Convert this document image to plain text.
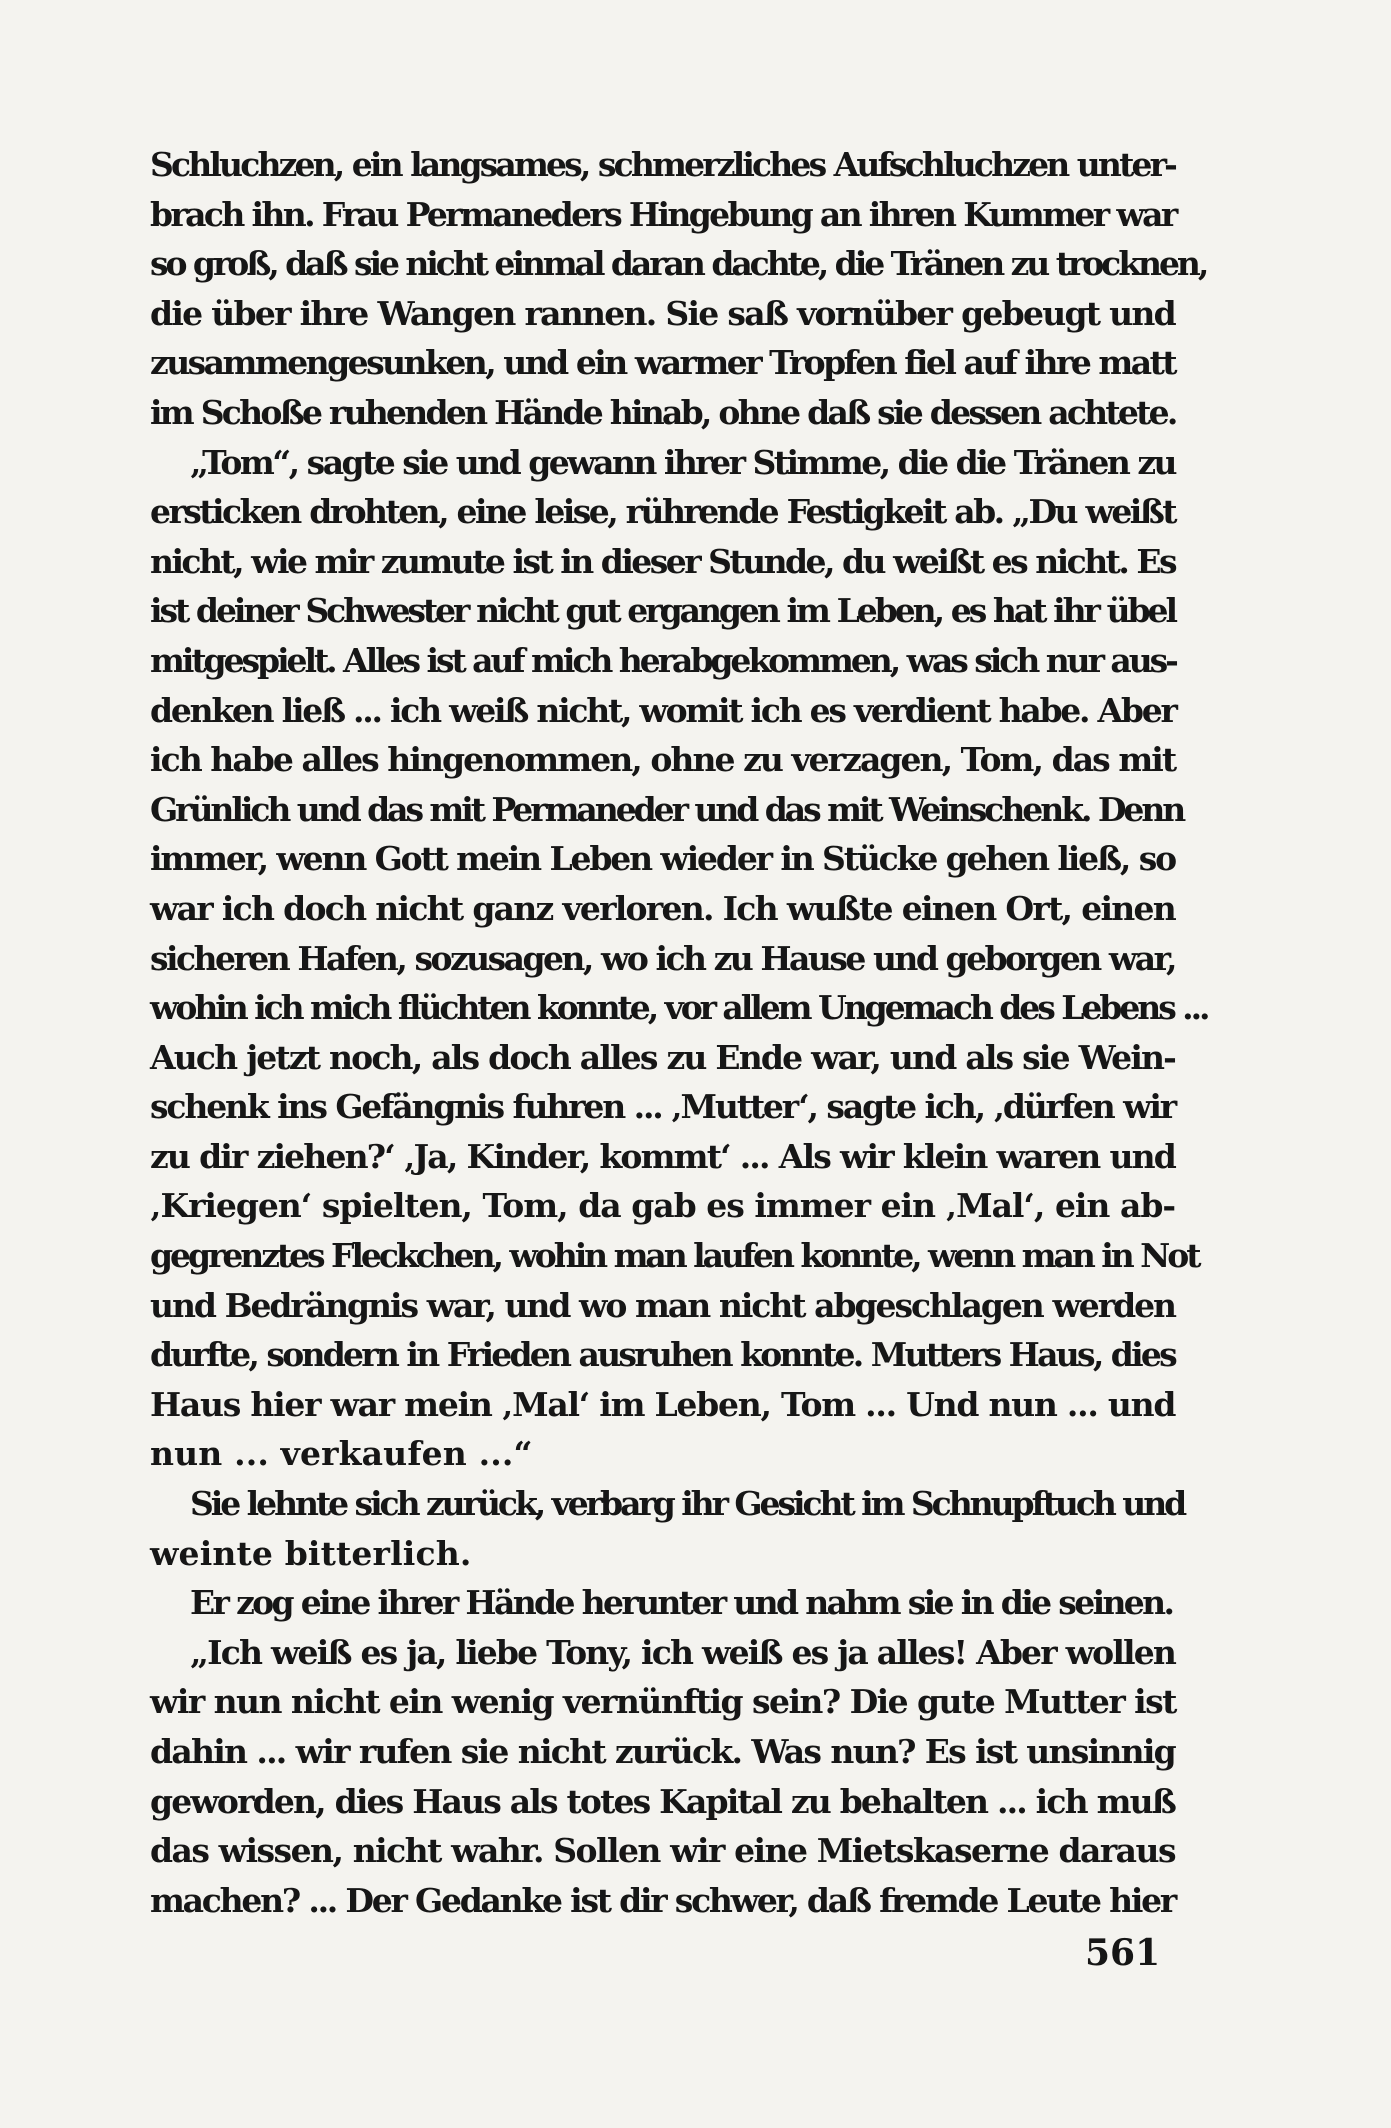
Schluchzen, ein langsames, schmerzliches Aufschluchzen unter-
brach ihn. Frau Permaneders Hingebung an ihren Kummer war
so groß, daß sie nicht einmal daran dachte, die Tränen zu trocknen,
die über ihre Wangen rannen. Sie saß vornüber gebeugt und
zusammengesunken, und ein warmer Tropfen fiel auf ihre matt
im Schoße ruhenden Hände hinab, ohne daß sie dessen achtete.
„Tom“, sagte sie und gewann ihrer Stimme, die die Tränen zu
ersticken drohten, eine leise, rührende Festigkeit ab. „Du weißt
nicht, wie mir zumute ist in dieser Stunde, du weißt es nicht. Es
ist deiner Schwester nicht gut ergangen im Leben, es hat ihr übel
mitgespielt. Alles ist auf mich herabgekommen, was sich nur aus-
denken ließ ... ich weiß nicht, womit ich es verdient habe. Aber
ich habe alles hingenommen, ohne zu verzagen, Tom, das mit
Grünlich und das mit Permaneder und das mit Weinschenk. Denn
immer, wenn Gott mein Leben wieder in Stücke gehen ließ, so
war ich doch nicht ganz verloren. Ich wußte einen Ort, einen
sicheren Hafen, sozusagen, wo ich zu Hause und geborgen war,
wohin ich mich flüchten konnte, vor allem Ungemach des Lebens ...
Auch jetzt noch, als doch alles zu Ende war, und als sie Wein-
schenk ins Gefängnis fuhren ... ‚Mutter‘, sagte ich, ‚dürfen wir
zu dir ziehen?‘ ‚Ja, Kinder, kommt‘ ... Als wir klein waren und
‚Kriegen‘ spielten, Tom, da gab es immer ein ‚Mal‘, ein ab-
gegrenztes Fleckchen, wohin man laufen konnte, wenn man in Not
und Bedrängnis war, und wo man nicht abgeschlagen werden
durfte, sondern in Frieden ausruhen konnte. Mutters Haus, dies
Haus hier war mein ‚Mal‘ im Leben, Tom ... Und nun ... und
nun ... verkaufen ...“
Sie lehnte sich zurück, verbarg ihr Gesicht im Schnupftuch und
weinte bitterlich.
Er zog eine ihrer Hände herunter und nahm sie in die seinen.
„Ich weiß es ja, liebe Tony, ich weiß es ja alles! Aber wollen
wir nun nicht ein wenig vernünftig sein? Die gute Mutter ist
dahin ... wir rufen sie nicht zurück. Was nun? Es ist unsinnig
geworden, dies Haus als totes Kapital zu behalten ... ich muß
das wissen, nicht wahr. Sollen wir eine Mietskaserne daraus
machen? ... Der Gedanke ist dir schwer, daß fremde Leute hier
561
